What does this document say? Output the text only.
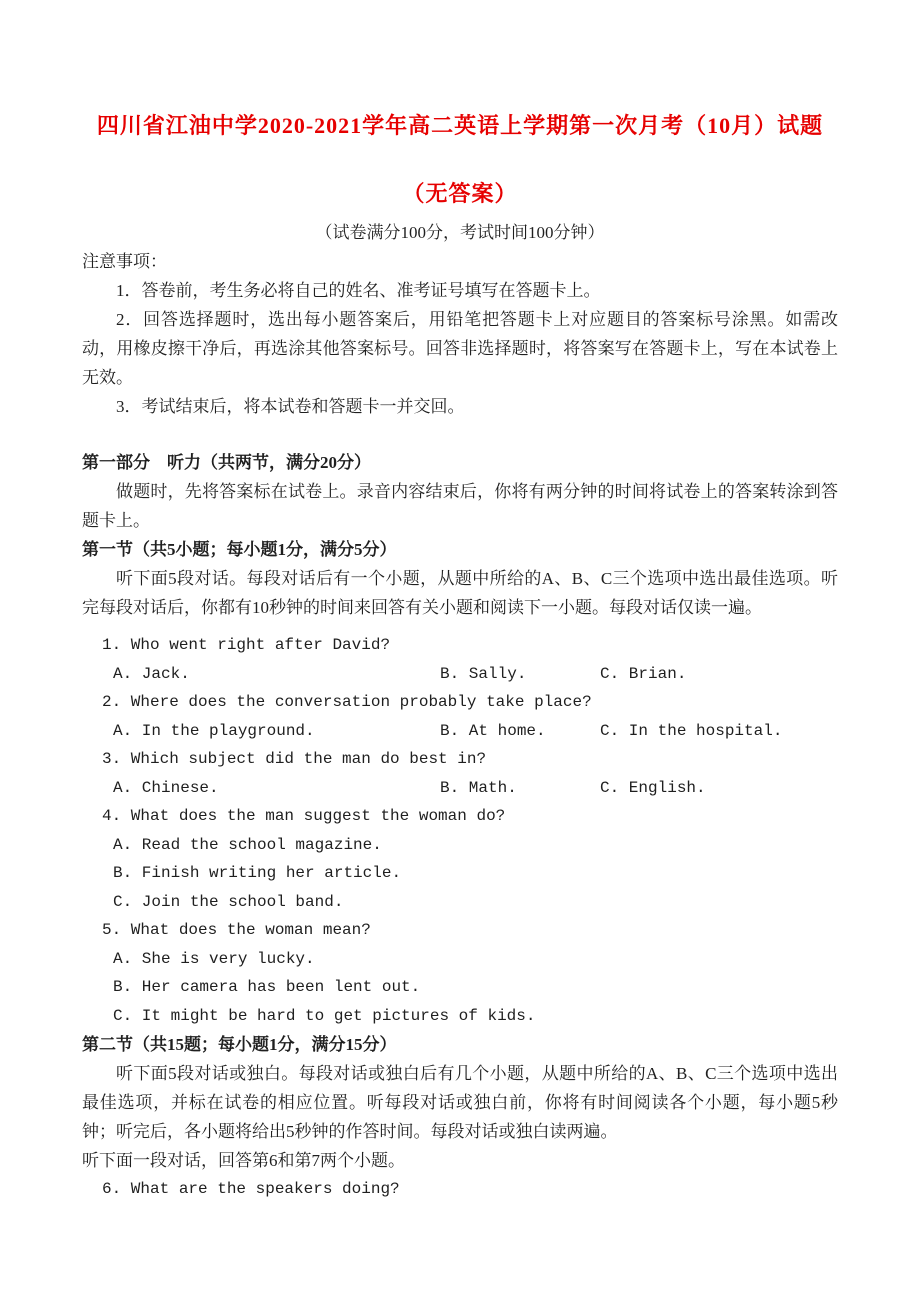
四川省江油中学2020-2021学年高二英语上学期第一次月考（10月）试题
（无答案）
（试卷满分100分，考试时间100分钟）
注意事项：
1．答卷前，考生务必将自己的姓名、准考证号填写在答题卡上。
2．回答选择题时，选出每小题答案后，用铅笔把答题卡上对应题目的答案标号涂黑。如需改动，用橡皮擦干净后，再选涂其他答案标号。回答非选择题时，将答案写在答题卡上，写在本试卷上无效。
3．考试结束后，将本试卷和答题卡一并交回。
第一部分　听力（共两节，满分20分）
做题时，先将答案标在试卷上。录音内容结束后，你将有两分钟的时间将试卷上的答案转涂到答题卡上。
第一节（共5小题；每小题1分，满分5分）
听下面5段对话。每段对话后有一个小题，从题中所给的A、B、C三个选项中选出最佳选项。听完每段对话后，你都有10秒钟的时间来回答有关小题和阅读下一小题。每段对话仅读一遍。
1. Who went right after David?
A. Jack.	B. Sally.	C. Brian.
2. Where does the conversation probably take place?
A. In the playground.	B. At home.	C. In the hospital.
3. Which subject did the man do best in?
A. Chinese.	B. Math.	C. English.
4. What does the man suggest the woman do?
A. Read the school magazine.
B. Finish writing her article.
C. Join the school band.
5. What does the woman mean?
A. She is very lucky.
B. Her camera has been lent out.
C. It might be hard to get pictures of kids.
第二节（共15题；每小题1分，满分15分）
听下面5段对话或独白。每段对话或独白后有几个小题，从题中所给的A、B、C三个选项中选出最佳选项，并标在试卷的相应位置。听每段对话或独白前，你将有时间阅读各个小题，每小题5秒钟；听完后，各小题将给出5秒钟的作答时间。每段对话或独白读两遍。
听下面一段对话，回答第6和第7两个小题。
6. What are the speakers doing?
